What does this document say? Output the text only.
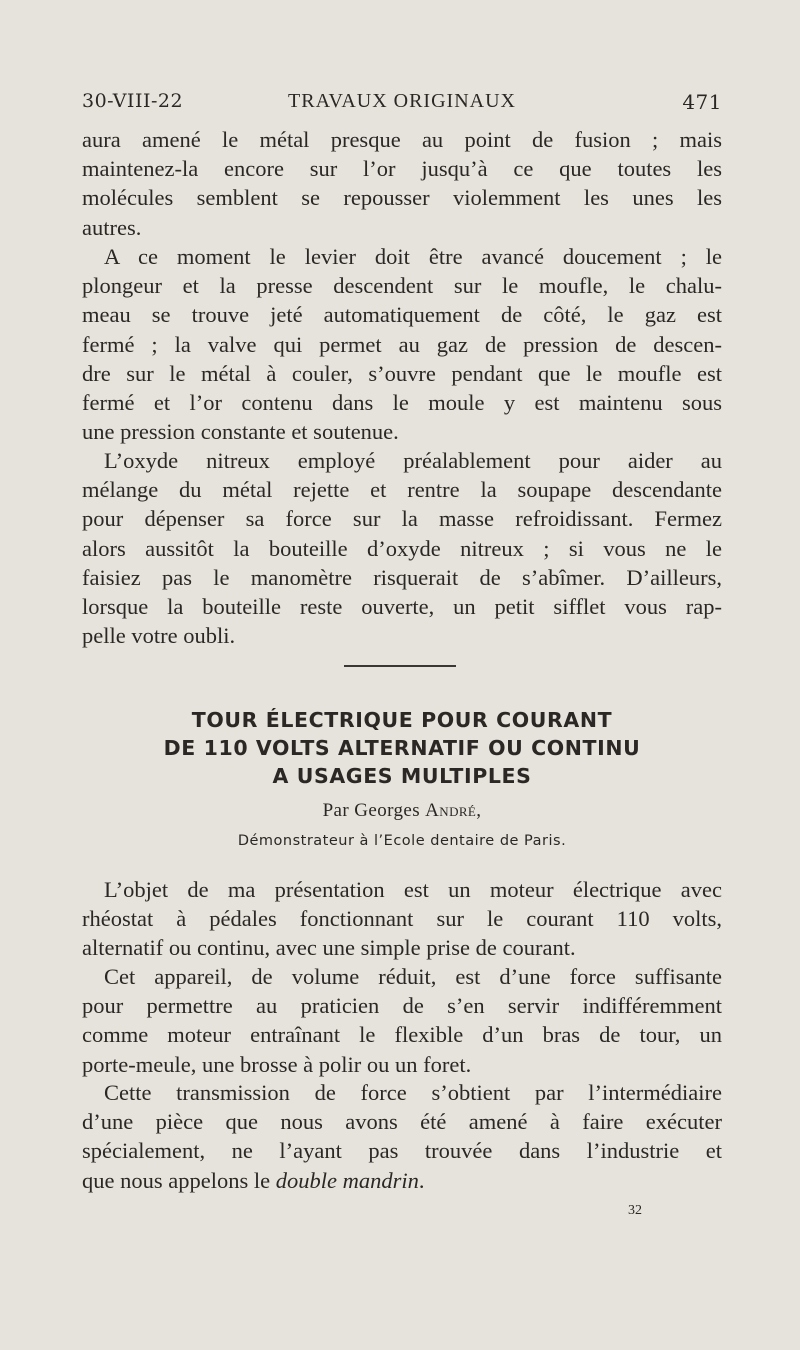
30-VIII-22	TRAVAUX ORIGINAUX	471

aura amené le métal presque au point de fusion ; mais
maintenez-la encore sur l’or jusqu’à ce que toutes les
molécules semblent se repousser violemment les unes les
autres.

A ce moment le levier doit être avancé doucement ; le
plongeur et la presse descendent sur le moufle, le chalu-
meau se trouve jeté automatiquement de côté, le gaz est
fermé ; la valve qui permet au gaz de pression de descen-
dre sur le métal à couler, s’ouvre pendant que le moufle est
fermé et l’or contenu dans le moule y est maintenu sous
une pression constante et soutenue.

L’oxyde nitreux employé préalablement pour aider au
mélange du métal rejette et rentre la soupape descendante
pour dépenser sa force sur la masse refroidissant. Fermez
alors aussitôt la bouteille d’oxyde nitreux ; si vous ne le
faisiez pas le manomètre risquerait de s’abîmer. D’ailleurs,
lorsque la bouteille reste ouverte, un petit sifflet vous rap-
pelle votre oubli.

TOUR ÉLECTRIQUE POUR COURANT
DE 110 VOLTS ALTERNATIF OU CONTINU
A USAGES MULTIPLES
Par Georges André,
Démonstrateur à l’Ecole dentaire de Paris.

L’objet de ma présentation est un moteur électrique avec
rhéostat à pédales fonctionnant sur le courant 110 volts,
alternatif ou continu, avec une simple prise de courant.

Cet appareil, de volume réduit, est d’une force suffisante
pour permettre au praticien de s’en servir indifféremment
comme moteur entraînant le flexible d’un bras de tour, un
porte-meule, une brosse à polir ou un foret.

Cette transmission de force s’obtient par l’intermédiaire
d’une pièce que nous avons été amené à faire exécuter
spécialement, ne l’ayant pas trouvée dans l’industrie et
que nous appelons le double mandrin.

32
